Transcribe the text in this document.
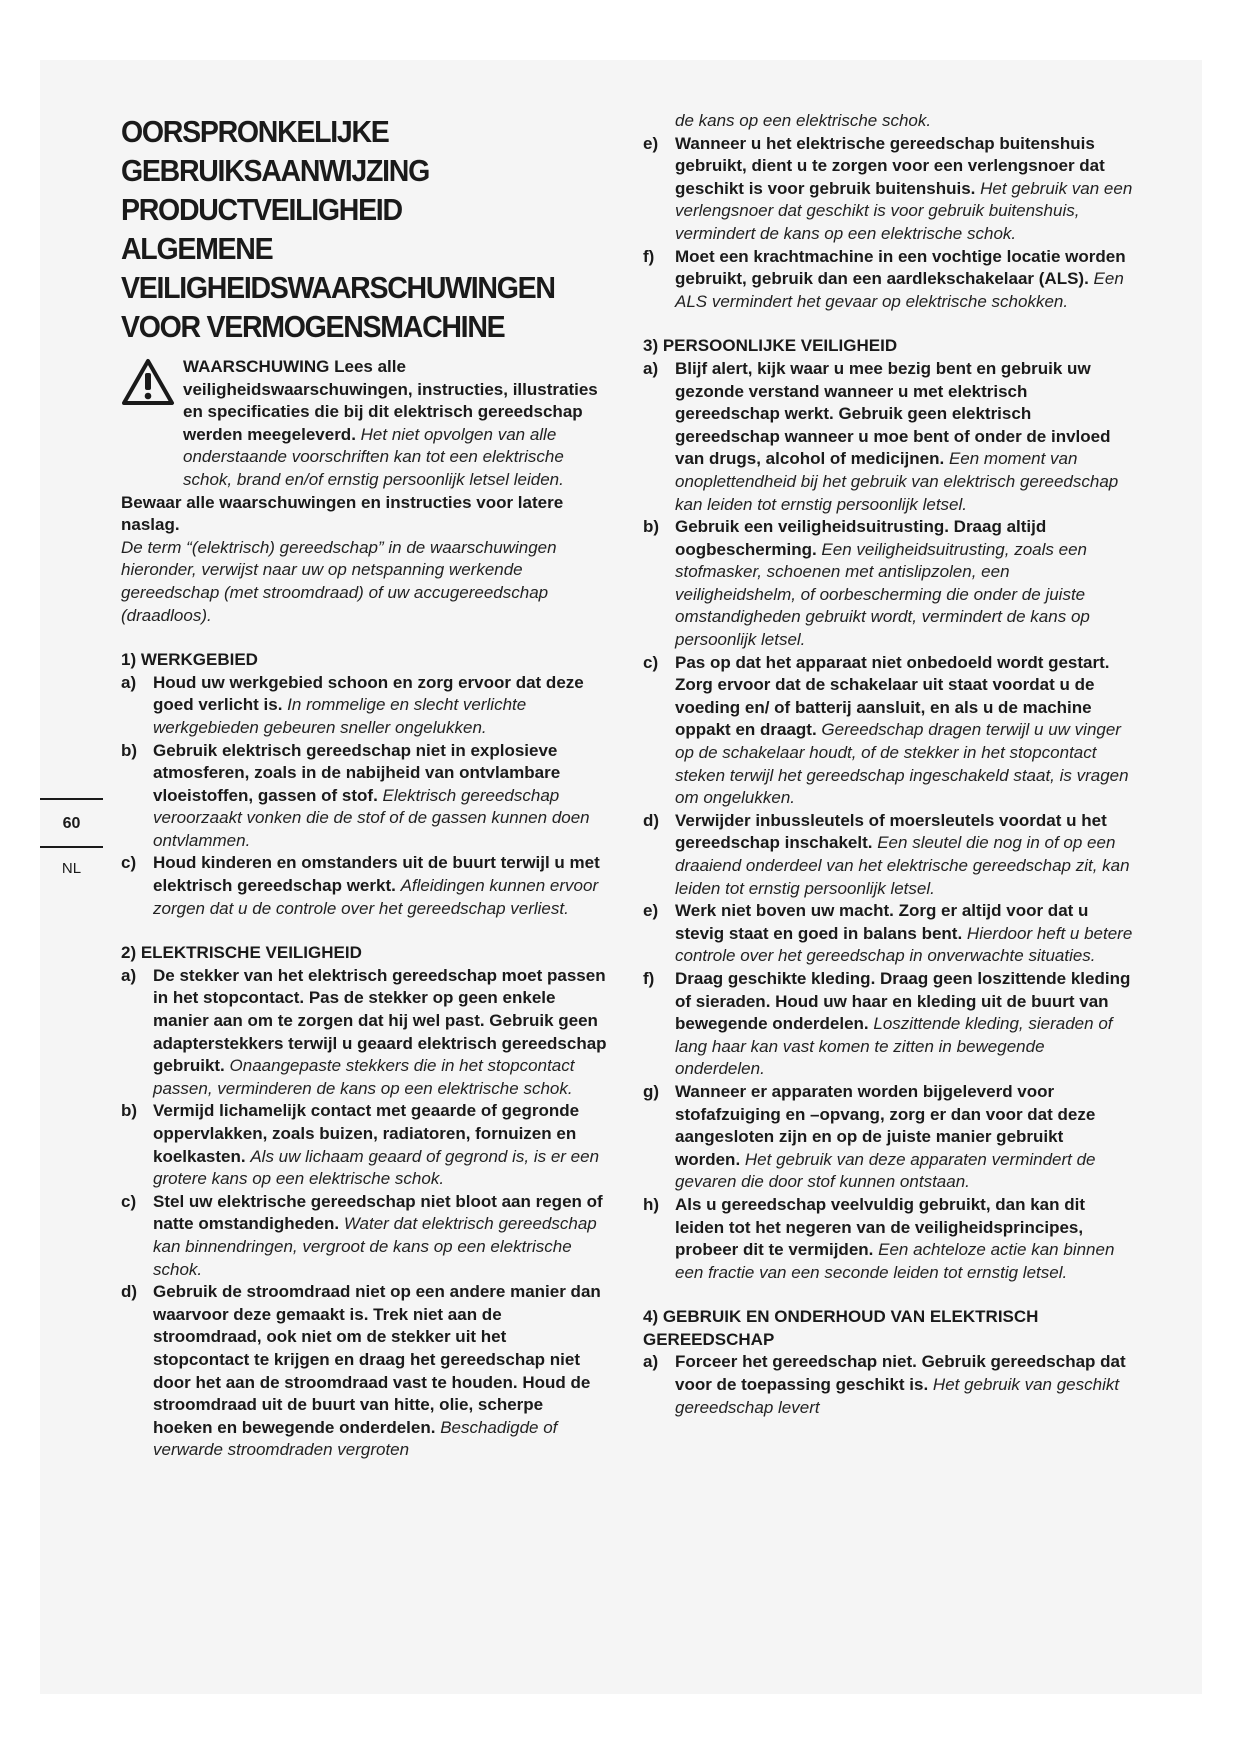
60
NL
OORSPRONKELIJKE
GEBRUIKSAANWIJZING
PRODUCTVEILIGHEID
ALGEMENE
VEILIGHEIDSWAARSCHUWINGEN
VOOR VERMOGENSMACHINE

WAARSCHUWING Lees alle veiligheidswaarschuwingen, instructies, illustraties en specificaties die bij dit elektrisch gereedschap werden meegeleverd. Het niet opvolgen van alle onderstaande voorschriften kan tot een elektrische schok, brand en/of ernstig persoonlijk letsel leiden.

Bewaar alle waarschuwingen en instructies voor latere naslag.
De term “(elektrisch) gereedschap” in de waarschuwingen hieronder, verwijst naar uw op netspanning werkende gereedschap (met stroomdraad) of uw accugereedschap (draadloos).

1) WERKGEBIED

a) Houd uw werkgebied schoon en zorg ervoor dat deze goed verlicht is. In rommelige en slecht verlichte werkgebieden gebeuren sneller ongelukken.
b) Gebruik elektrisch gereedschap niet in explosieve atmosferen, zoals in de nabijheid van ontvlambare vloeistoffen, gassen of stof. Elektrisch gereedschap veroorzaakt vonken die de stof of de gassen kunnen doen ontvlammen.
c) Houd kinderen en omstanders uit de buurt terwijl u met elektrisch gereedschap werkt. Afleidingen kunnen ervoor zorgen dat u de controle over het gereedschap verliest.

2) ELEKTRISCHE VEILIGHEID

a) De stekker van het elektrisch gereedschap moet passen in het stopcontact. Pas de stekker op geen enkele manier aan om te zorgen dat hij wel past. Gebruik geen adapterstekkers terwijl u geaard elektrisch gereedschap gebruikt. Onaangepaste stekkers die in het stopcontact passen, verminderen de kans op een elektrische schok.
b) Vermijd lichamelijk contact met geaarde of gegronde oppervlakken, zoals buizen, radiatoren, fornuizen en koelkasten. Als uw lichaam geaard of gegrond is, is er een grotere kans op een elektrische schok.
c) Stel uw elektrische gereedschap niet bloot aan regen of natte omstandigheden. Water dat elektrisch gereedschap kan binnendringen, vergroot de kans op een elektrische schok.
d) Gebruik de stroomdraad niet op een andere manier dan waarvoor deze gemaakt is. Trek niet aan de stroomdraad, ook niet om de stekker uit het stopcontact te krijgen en draag het gereedschap niet door het aan de stroomdraad vast te houden. Houd de stroomdraad uit de buurt van hitte, olie, scherpe hoeken en bewegende onderdelen. Beschadigde of verwarde stroomdraden vergroten
de kans op een elektrische schok.
e) Wanneer u het elektrische gereedschap buitenshuis gebruikt, dient u te zorgen voor een verlengsnoer dat geschikt is voor gebruik buitenshuis. Het gebruik van een verlengsnoer dat geschikt is voor gebruik buitenshuis, vermindert de kans op een elektrische schok.
f) Moet een krachtmachine in een vochtige locatie worden gebruikt, gebruik dan een aardlekschakelaar (ALS). Een ALS vermindert het gevaar op elektrische schokken.

3) PERSOONLIJKE VEILIGHEID

a) Blijf alert, kijk waar u mee bezig bent en gebruik uw gezonde verstand wanneer u met elektrisch gereedschap werkt. Gebruik geen elektrisch gereedschap wanneer u moe bent of onder de invloed van drugs, alcohol of medicijnen. Een moment van onoplettendheid bij het gebruik van elektrisch gereedschap kan leiden tot ernstig persoonlijk letsel.
b) Gebruik een veiligheidsuitrusting. Draag altijd oogbescherming. Een veiligheidsuitrusting, zoals een stofmasker, schoenen met antislipzolen, een veiligheidshelm, of oorbescherming die onder de juiste omstandigheden gebruikt wordt, vermindert de kans op persoonlijk letsel.
c) Pas op dat het apparaat niet onbedoeld wordt gestart. Zorg ervoor dat de schakelaar uit staat voordat u de voeding en/ of batterij aansluit, en als u de machine oppakt en draagt. Gereedschap dragen terwijl u uw vinger op de schakelaar houdt, of de stekker in het stopcontact steken terwijl het gereedschap ingeschakeld staat, is vragen om ongelukken.
d) Verwijder inbussleutels of moersleutels voordat u het gereedschap inschakelt. Een sleutel die nog in of op een draaiend onderdeel van het elektrische gereedschap zit, kan leiden tot ernstig persoonlijk letsel.
e) Werk niet boven uw macht. Zorg er altijd voor dat u stevig staat en goed in balans bent. Hierdoor heft u betere controle over het gereedschap in onverwachte situaties.
f) Draag geschikte kleding. Draag geen loszittende kleding of sieraden. Houd uw haar en kleding uit de buurt van bewegende onderdelen. Loszittende kleding, sieraden of lang haar kan vast komen te zitten in bewegende onderdelen.
g) Wanneer er apparaten worden bijgeleverd voor stofafzuiging en –opvang, zorg er dan voor dat deze aangesloten zijn en op de juiste manier gebruikt worden. Het gebruik van deze apparaten vermindert de gevaren die door stof kunnen ontstaan.
h) Als u gereedschap veelvuldig gebruikt, dan kan dit leiden tot het negeren van de veiligheidsprincipes, probeer dit te vermijden. Een achteloze actie kan binnen een fractie van een seconde leiden tot ernstig letsel.

4) GEBRUIK EN ONDERHOUD VAN ELEKTRISCH GEREEDSCHAP

a) Forceer het gereedschap niet. Gebruik gereedschap dat voor de toepassing geschikt is. Het gebruik van geschikt gereedschap levert
